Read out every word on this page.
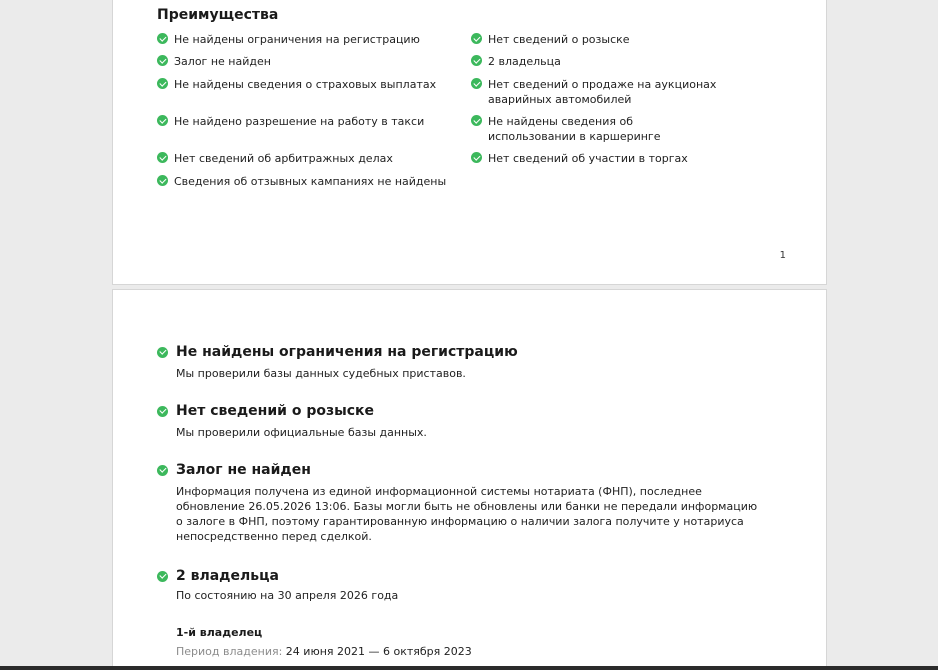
Преимущества
Не найдены ограничения на регистрацию
Залог не найден
Не найдены сведения о страховых выплатах
Не найдено разрешение на работу в такси
Нет сведений об арбитражных делах
Сведения об отзывных кампаниях не найдены
Нет сведений о розыске
2 владельца
Нет сведений о продаже на аукционах аварийных автомобилей
Не найдены сведения об использовании в каршеринге
Нет сведений об участии в торгах
1
Не найдены ограничения на регистрацию
Мы проверили базы данных судебных приставов.
Нет сведений о розыске
Мы проверили официальные базы данных.
Залог не найден
Информация получена из единой информационной системы нотариата (ФНП), последнее обновление 26.05.2026 13:06. Базы могли быть не обновлены или банки не передали информацию о залоге в ФНП, поэтому гарантированную информацию о наличии залога получите у нотариуса непосредственно перед сделкой.
2 владельца
По состоянию на 30 апреля 2026 года
1-й владелец
Период владения: 24 июня 2021 — 6 октября 2023
